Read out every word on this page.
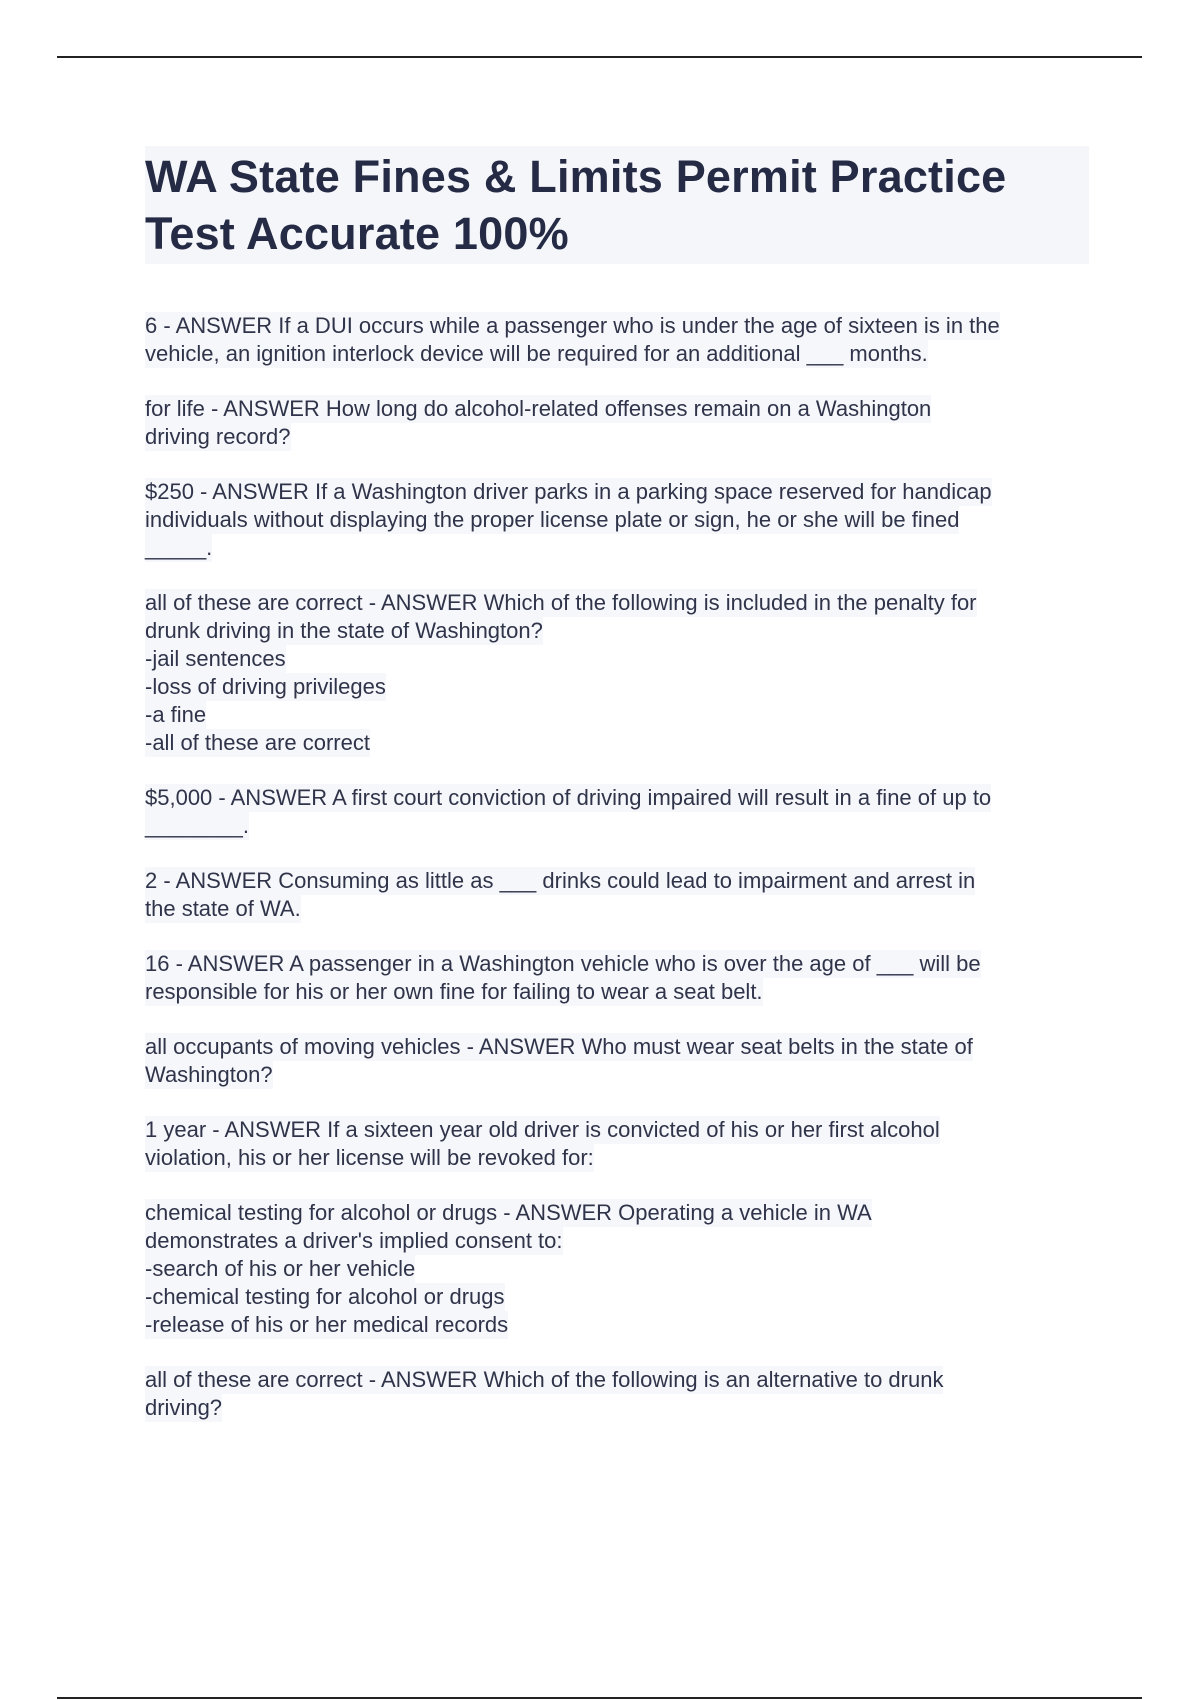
WA State Fines & Limits Permit Practice Test Accurate 100%
6 - ANSWER If a DUI occurs while a passenger who is under the age of sixteen is in the
vehicle, an ignition interlock device will be required for an additional ___ months.
for life - ANSWER How long do alcohol-related offenses remain on a Washington
driving record?
$250 - ANSWER If a Washington driver parks in a parking space reserved for handicap
individuals without displaying the proper license plate or sign, he or she will be fined
_____.
all of these are correct - ANSWER Which of the following is included in the penalty for
drunk driving in the state of Washington?
-jail sentences
-loss of driving privileges
-a fine
-all of these are correct
$5,000 - ANSWER A first court conviction of driving impaired will result in a fine of up to
________.
2 - ANSWER Consuming as little as ___ drinks could lead to impairment and arrest in
the state of WA.
16 - ANSWER A passenger in a Washington vehicle who is over the age of ___ will be
responsible for his or her own fine for failing to wear a seat belt.
all occupants of moving vehicles - ANSWER Who must wear seat belts in the state of
Washington?
1 year - ANSWER If a sixteen year old driver is convicted of his or her first alcohol
violation, his or her license will be revoked for:
chemical testing for alcohol or drugs - ANSWER Operating a vehicle in WA
demonstrates a driver's implied consent to:
-search of his or her vehicle
-chemical testing for alcohol or drugs
-release of his or her medical records
all of these are correct - ANSWER Which of the following is an alternative to drunk
driving?
